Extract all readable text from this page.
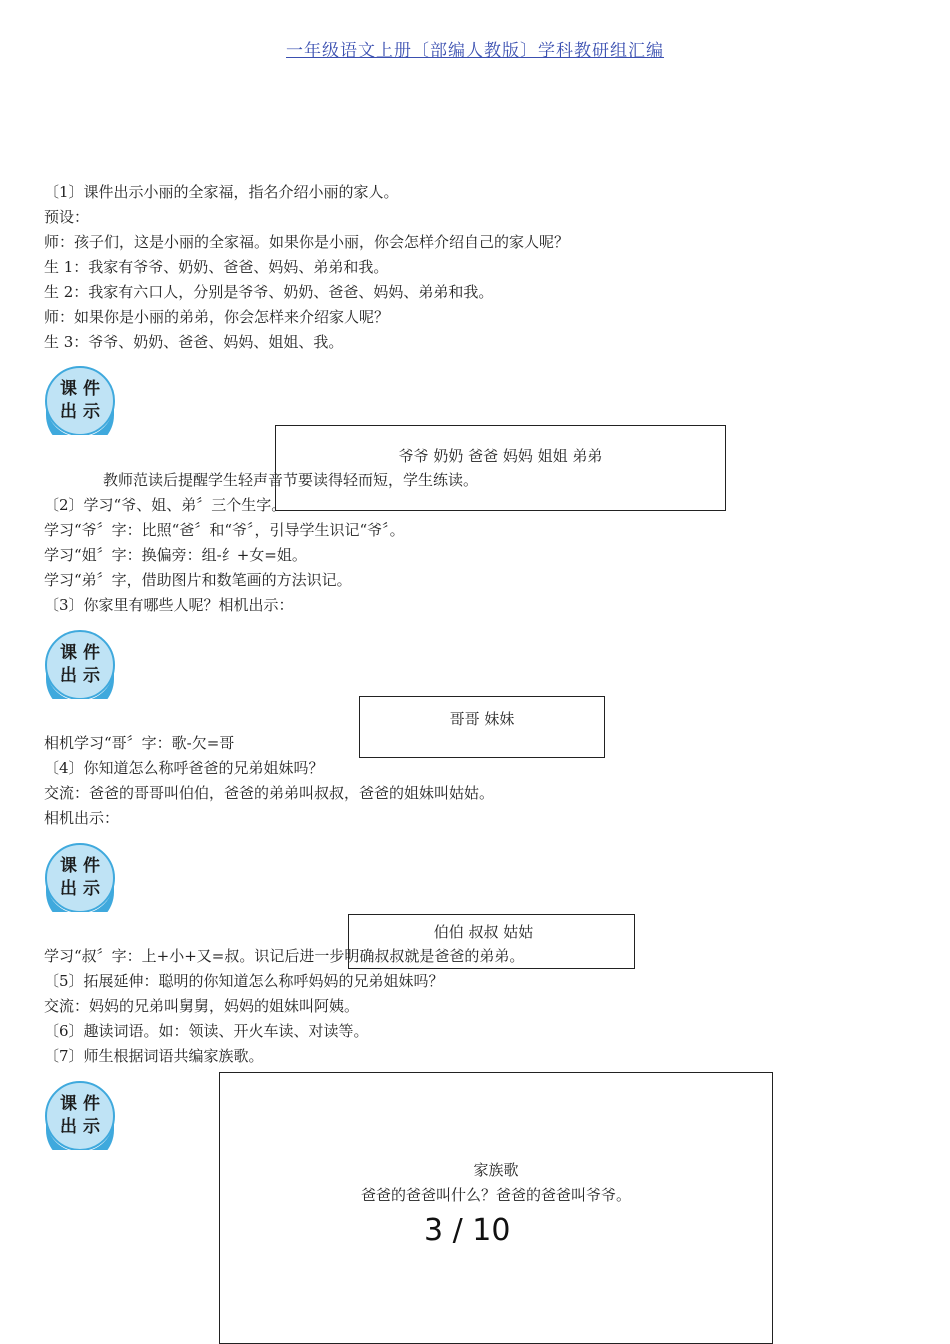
一年级语文上册〔部编人教版〕学科教研组汇编
〔1〕课件出示小丽的全家福，指名介绍小丽的家人。
预设：
师：孩子们，这是小丽的全家福。如果你是小丽，你会怎样介绍自己的家人呢？
生 1：我家有爷爷、奶奶、爸爸、妈妈、弟弟和我。
生 2：我家有六口人，分别是爷爷、奶奶、爸爸、妈妈、弟弟和我。
师：如果你是小丽的弟弟，你会怎样来介绍家人呢？
生 3：爷爷、奶奶、爸爸、妈妈、姐姐、我。
课 件
出 示
爷爷 奶奶 爸爸 妈妈 姐姐 弟弟
教师范读后提醒学生轻声音节要读得轻而短，学生练读。
〔2〕学习“爷、姐、弟〞三个生字。
学习“爷〞字：比照“爸〞和“爷〞，引导学生识记“爷〞。
学习“姐〞字：换偏旁：组-纟+女=姐。
学习“弟〞字，借助图片和数笔画的方法识记。
〔3〕你家里有哪些人呢？相机出示：
课 件
出 示
哥哥 妹妹
相机学习“哥〞字：歌-欠=哥
〔4〕你知道怎么称呼爸爸的兄弟姐妹吗？
交流：爸爸的哥哥叫伯伯，爸爸的弟弟叫叔叔，爸爸的姐妹叫姑姑。
相机出示：
课 件
出 示
伯伯 叔叔 姑姑
学习“叔〞字：上+小+又=叔。识记后进一步明确叔叔就是爸爸的弟弟。
〔5〕拓展延伸：聪明的你知道怎么称呼妈妈的兄弟姐妹吗？
交流：妈妈的兄弟叫舅舅，妈妈的姐妹叫阿姨。
〔6〕趣读词语。如：领读、开火车读、对读等。
〔7〕师生根据词语共编家族歌。
课 件
出 示
家族歌
爸爸的爸爸叫什么？爸爸的爸爸叫爷爷。
3 / 10
